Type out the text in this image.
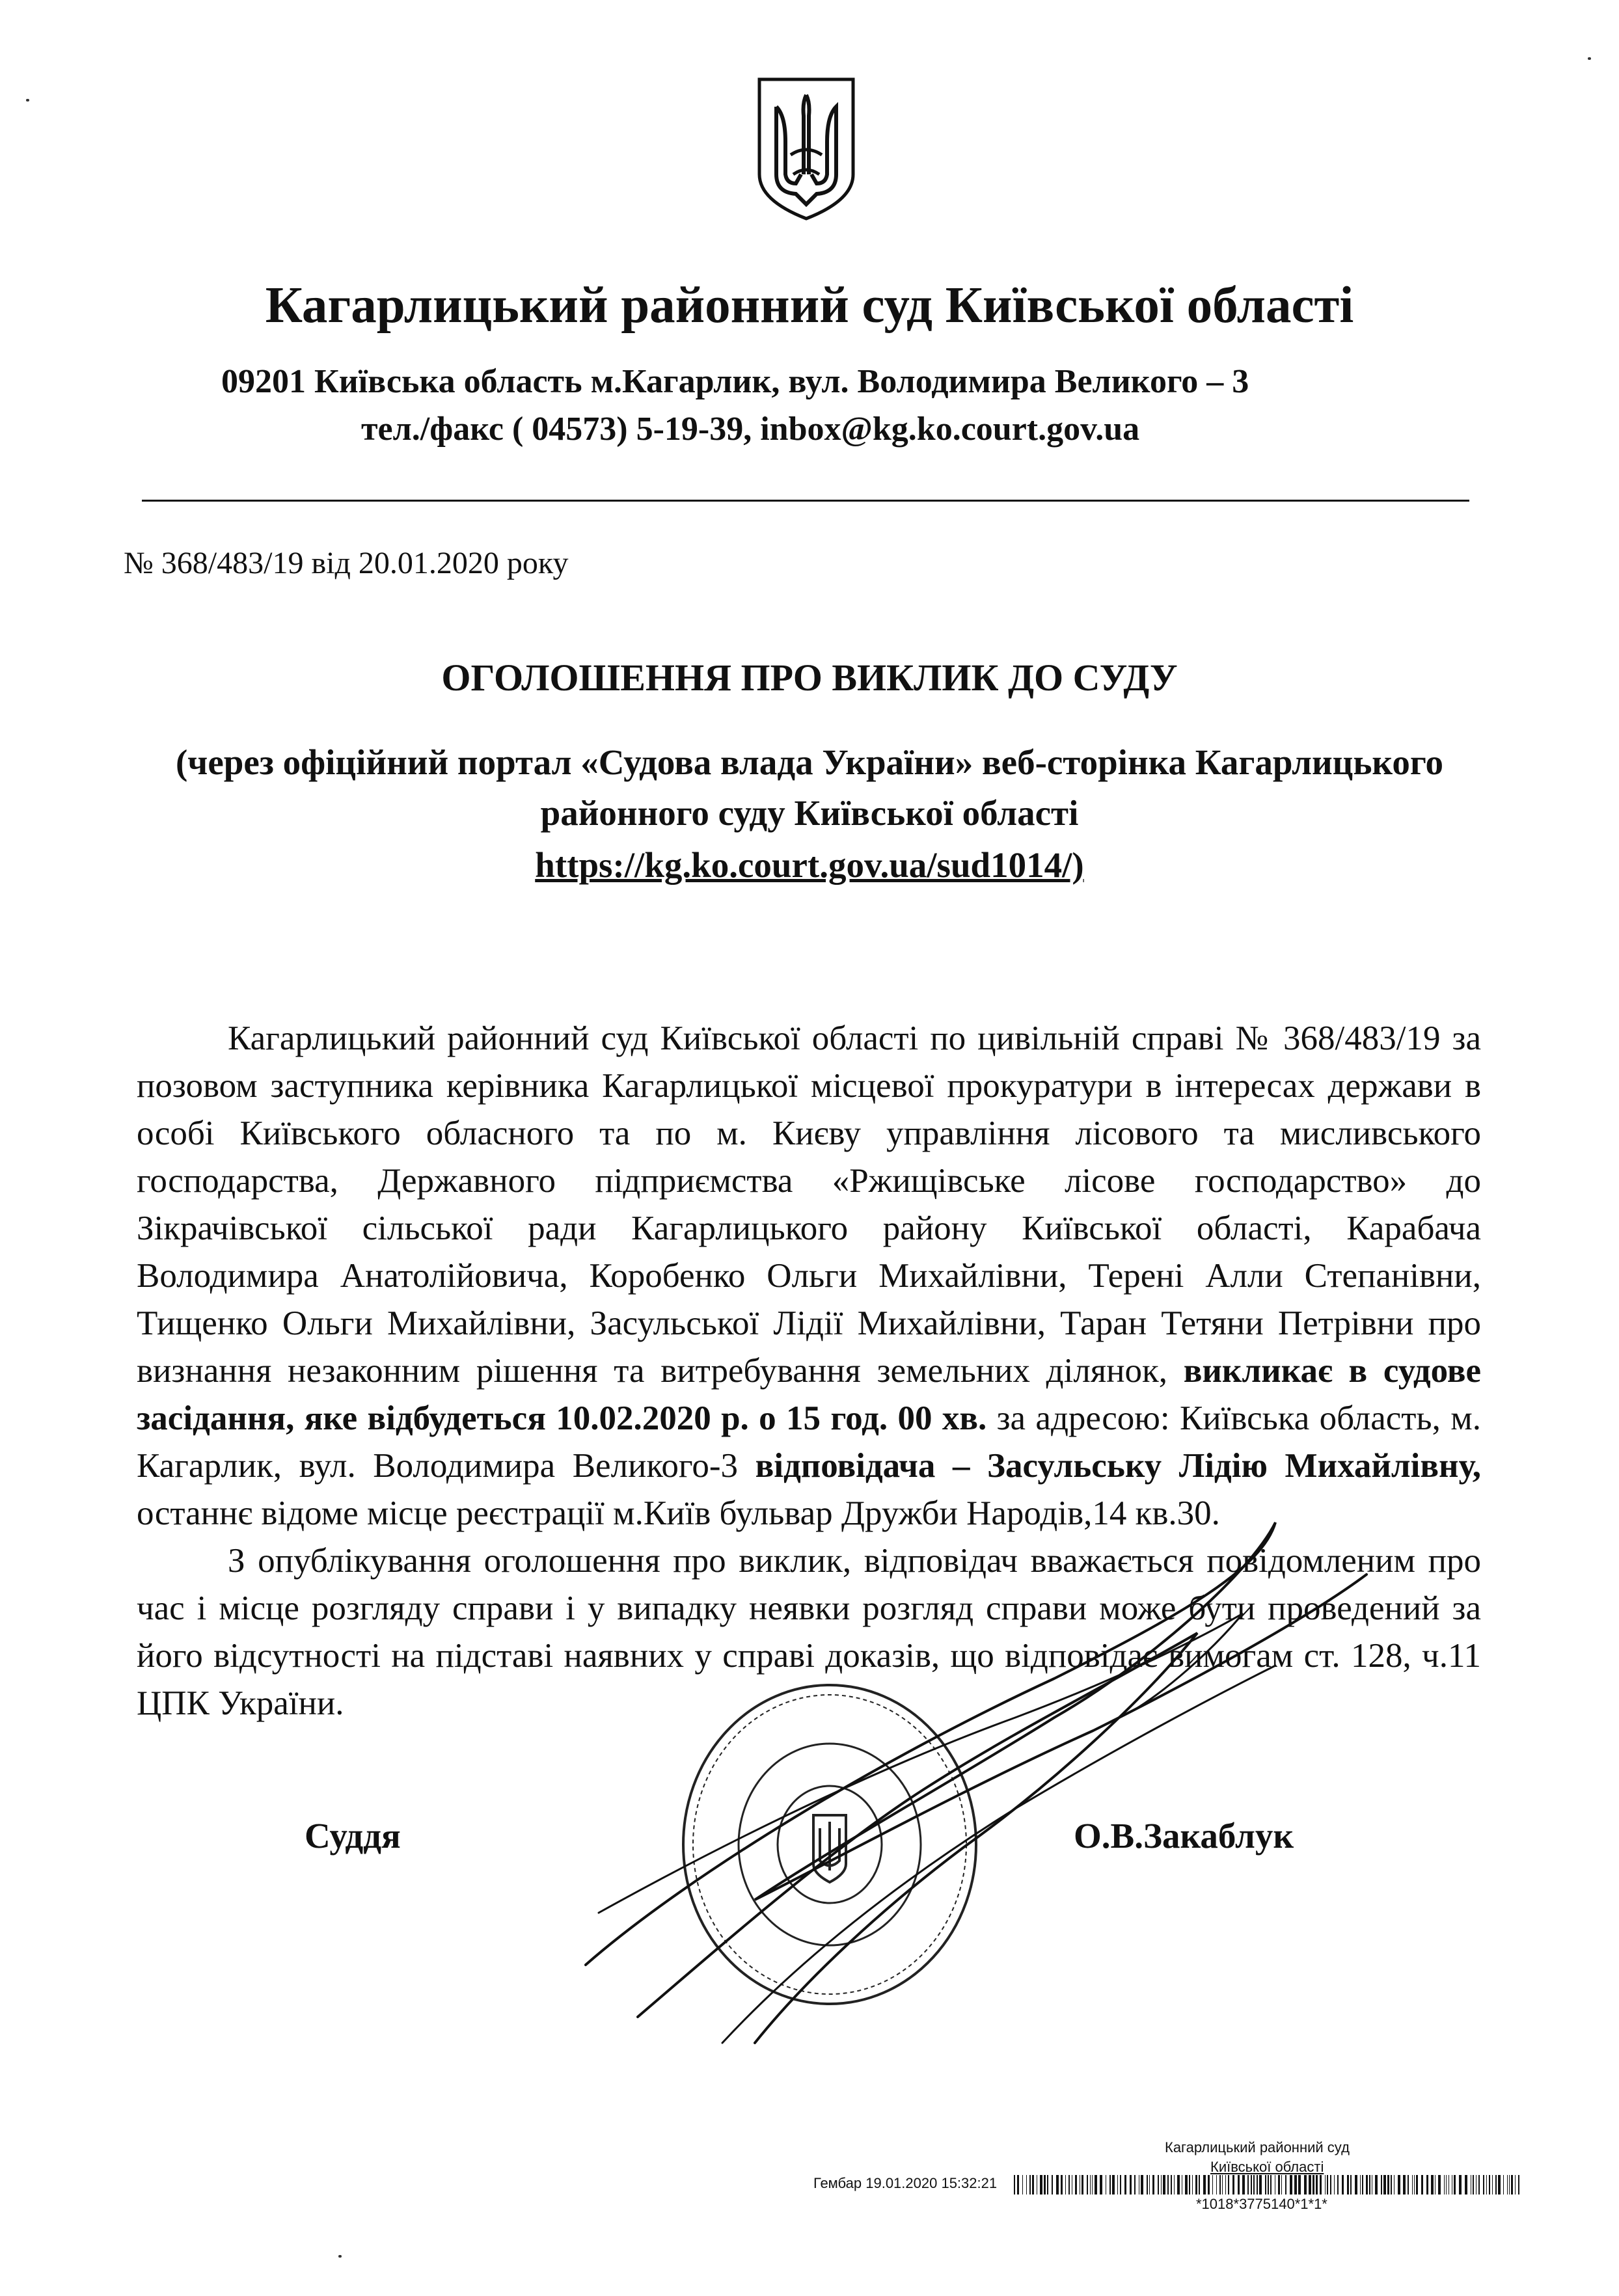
Кагарлицький районний суд Київської області
09201 Київська область м.Кагарлик, вул. Володимира Великого – 3
тел./факс ( 04573) 5-19-39, inbox@kg.ko.court.gov.ua
№ 368/483/19 від 20.01.2020 року
ОГОЛОШЕННЯ ПРО ВИКЛИК ДО СУДУ
(через офіційний портал «Судова влада України» веб-сторінка Кагарлицького
районного суду Київської області
https://kg.ko.court.gov.ua/sud1014/)

Кагарлицький районний суд Київської області по цивільній справі № 368/483/19 за позовом заступника керівника Кагарлицької місцевої прокуратури в інтересах держави в особі Київського обласного та по м. Києву управління лісового та мисливського господарства, Державного підприємства «Ржищівське лісове господарство» до Зікрачівської сільської ради Кагарлицького району Київської області, Карабача Володимира Анатолійовича, Коробенко Ольги Михайлівни, Терені Алли Степанівни, Тищенко Ольги Михайлівни, Засульської Лідії Михайлівни, Таран Тетяни Петрівни про визнання незаконним рішення та витребування земельних ділянок, викликає в судове засідання, яке відбудеться 10.02.2020 р. о 15 год. 00 хв. за адресою: Київська область, м. Кагарлик, вул. Володимира Великого-3 відповідача – Засульську Лідію Михайлівну, останнє відоме місце реєстрації м.Київ бульвар Дружби Народів,14 кв.30.

З опублікування оголошення про виклик, відповідач вважається повідомленим про час і місце розгляду справи і у випадку неявки розгляд справи може бути проведений за його відсутності на підставі наявних у справі доказів, що відповідає вимогам ст. 128, ч.11 ЦПК України.

Суддя	О.В.Закаблук
Кагарлицький районний суд
Київської області
Гембар 19.01.2020 15:32:21
*1018*3775140*1*1*
